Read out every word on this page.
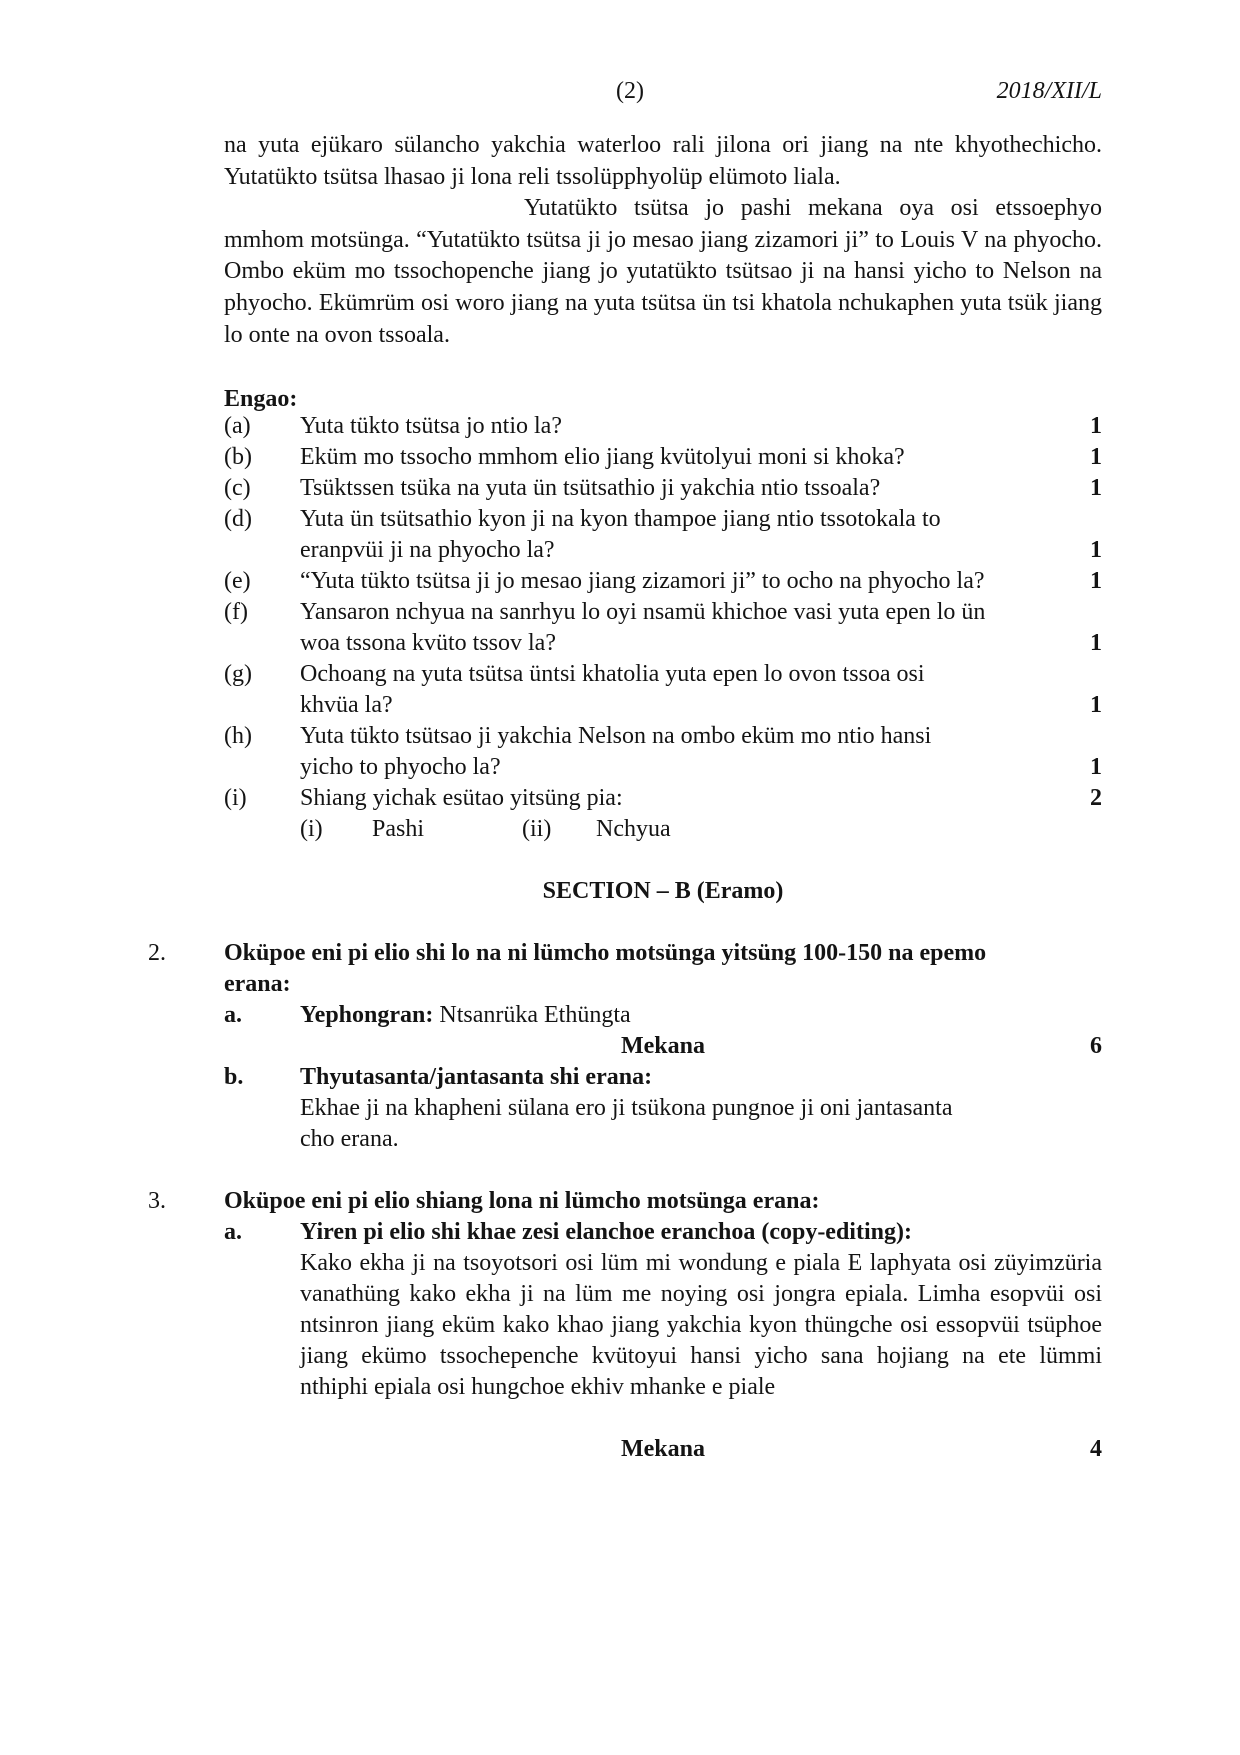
(2)	2018/XII/L

na yuta ejükaro sülancho yakchia waterloo rali jilona ori jiang na nte khyothechicho. Yutatükto tsütsa lhasao ji lona reli tssolüpphyolüp elümoto liala.

Yutatükto tsütsa jo pashi mekana oya osi etssoephyo mmhom motsünga. “Yutatükto tsütsa ji jo mesao jiang zizamori ji” to Louis V na phyocho. Ombo eküm mo tssochopenche jiang jo yutatükto tsütsao ji na hansi yicho to Nelson na phyocho. Ekümrüm osi woro jiang na yuta tsütsa ün tsi khatola nchukaphen yuta tsük jiang lo onte na ovon tssoala.

Engao:
(a)	Yuta tükto tsütsa jo ntio la?	1
(b)	Eküm mo tssocho mmhom elio jiang kvütolyui moni si khoka?	1
(c)	Tsüktssen tsüka na yuta ün tsütsathio ji yakchia ntio tssoala?	1
(d)	Yuta ün tsütsathio kyon ji na kyon thampoe jiang ntio tssotokala to
eranpvüi ji na phyocho la?	1
(e)	“Yuta tükto tsütsa ji jo mesao jiang zizamori ji” to ocho na phyocho la?	1
(f)	Yansaron nchyua na sanrhyu lo oyi nsamü khichoe vasi yuta epen lo ün
woa tssona kvüto tssov la?	1
(g)	Ochoang na yuta tsütsa üntsi khatolia yuta epen lo ovon tssoa osi
khvüa la?	1
(h)	Yuta tükto tsütsao ji yakchia Nelson na ombo eküm mo ntio hansi
yicho to phyocho la?	1
(i)	Shiang yichak esütao yitsüng pia:	2
(i) Pashi	(ii) Nchyua
SECTION – B (Eramo)
2.	Oküpoe eni pi elio shi lo na ni lümcho motsünga yitsüng 100-150 na epemo
erana:
a. Yephongran: Ntsanrüka Ethüngta
Mekana	6
b. Thyutasanta/jantasanta shi erana:
Ekhae ji na khapheni sülana ero ji tsükona pungnoe ji oni jantasanta
cho erana.
3.	Oküpoe eni pi elio shiang lona ni lümcho motsünga erana:
a. Yiren pi elio shi khae zesi elanchoe eranchoa (copy-editing):
Kako ekha ji na tsoyotsori osi lüm mi wondung e piala E laphyata osi züyimzüria vanathüng kako ekha ji na lüm me noying osi jongra epiala. Limha esopvüi osi ntsinron jiang eküm kako khao jiang yakchia kyon thüngche osi essopvüi tsüphoe jiang ekümo tssochepenche kvütoyui hansi yicho sana hojiang na ete lümmi nthiphi epiala osi hungchoe ekhiv mhanke e piale
Mekana	4
